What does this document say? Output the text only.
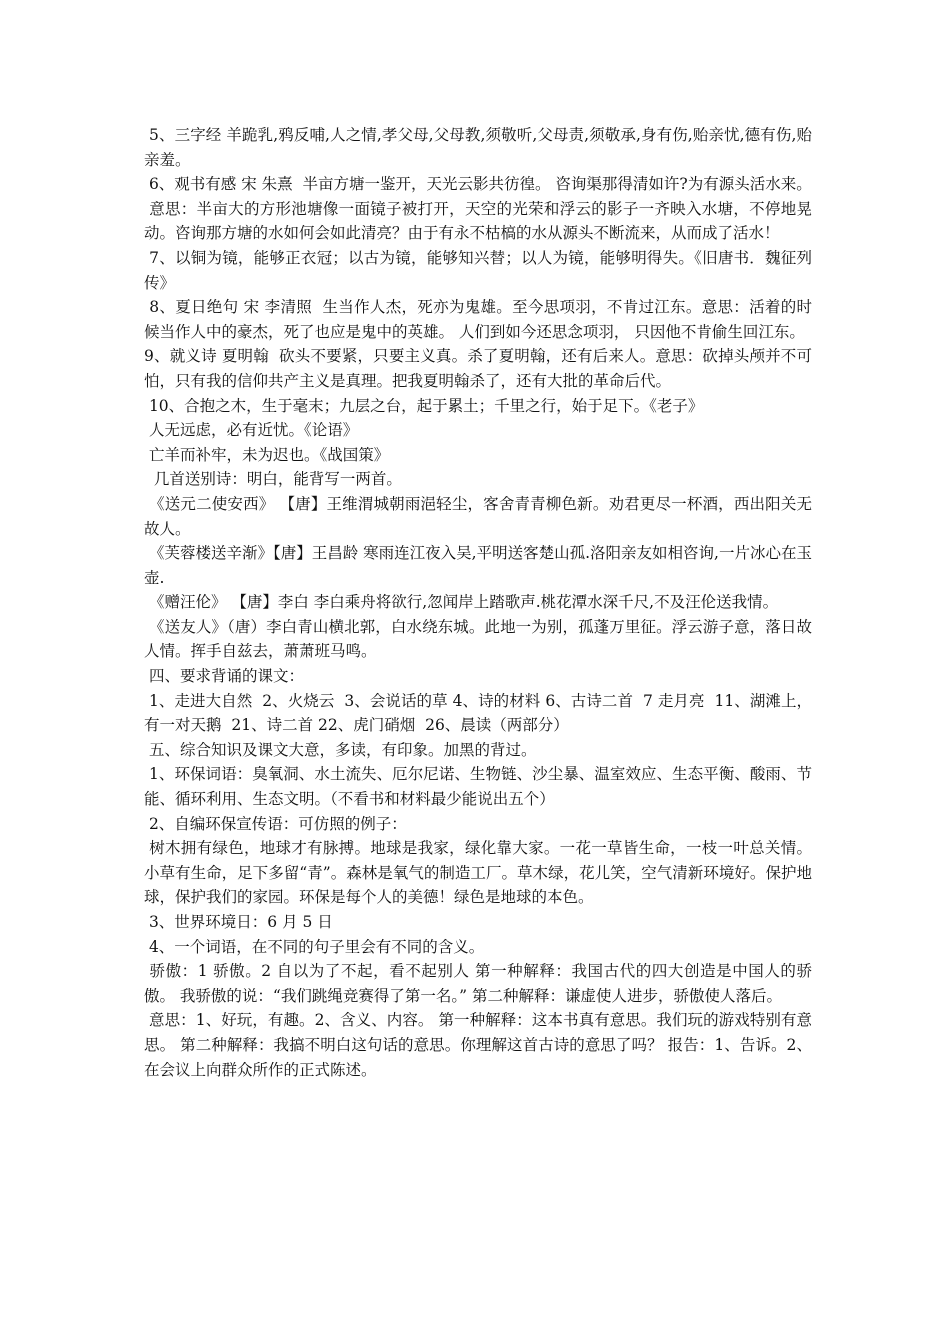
5、三字经 羊跪乳,鸦反哺,人之情,孝父母,父母教,须敬听,父母责,须敬承,身有伤,贻亲忧,德有伤,贻亲羞。

6、观书有感 宋 朱熹  半亩方塘一鉴开，天光云影共彷徨。 咨询渠那得清如许?为有源头活水来。

意思：半亩大的方形池塘像一面镜子被打开，天空的光荣和浮云的影子一齐映入水塘，不停地晃动。咨询那方塘的水如何会如此清亮？由于有永不枯槁的水从源头不断流来，从而成了活水！

7、以铜为镜，能够正衣冠；以古为镜，能够知兴替；以人为镜，能够明得失。《旧唐书．魏征列传》

8、夏日绝句 宋 李清照  生当作人杰，死亦为鬼雄。至今思项羽，不肯过江东。意思：活着的时候当作人中的豪杰，死了也应是鬼中的英雄。 人们到如今还思念项羽， 只因他不肯偷生回江东。

9、就义诗 夏明翰  砍头不要紧，只要主义真。杀了夏明翰，还有后来人。意思：砍掉头颅并不可怕，只有我的信仰共产主义是真理。把我夏明翰杀了，还有大批的革命后代。

10、合抱之木，生于毫末；九层之台，起于累土；千里之行，始于足下。《老子》

人无远虑，必有近忧。《论语》

亡羊而补牢，未为迟也。《战国策》

几首送别诗：明白，能背写一两首。

《送元二使安西》 【唐】王维渭城朝雨浥轻尘，客舍青青柳色新。劝君更尽一杯酒，西出阳关无故人。

《芙蓉楼送辛渐》【唐】王昌龄 寒雨连江夜入吴,平明送客楚山孤.洛阳亲友如相咨询,一片冰心在玉壶.

《赠汪伦》 【唐】李白 李白乘舟将欲行,忽闻岸上踏歌声.桃花潭水深千尺,不及汪伦送我情。

《送友人》（唐）李白青山横北郭，白水绕东城。此地一为别，孤蓬万里征。浮云游子意，落日故人情。挥手自兹去，萧萧班马鸣。

四、要求背诵的课文：

1、走进大自然  2、火烧云  3、会说话的草 4、诗的材料 6、古诗二首  7 走月亮  11、湖滩上，有一对天鹅  21、诗二首 22、虎门硝烟  26、晨读（两部分）

五、综合知识及课文大意，多读，有印象。加黑的背过。

1、环保词语：臭氧洞、水土流失、厄尔尼诺、生物链、沙尘暴、温室效应、生态平衡、酸雨、节能、循环利用、生态文明。（不看书和材料最少能说出五个）

2、自编环保宣传语：可仿照的例子：

树木拥有绿色，地球才有脉搏。地球是我家，绿化靠大家。一花一草皆生命，一枝一叶总关情。小草有生命，足下多留“青”。森林是氧气的制造工厂。草木绿，花儿笑，空气清新环境好。保护地球，保护我们的家园。环保是每个人的美德！绿色是地球的本色。

3、世界环境日：6 月 5 日

4、一个词语，在不同的句子里会有不同的含义。

骄傲：1 骄傲。2 自以为了不起，看不起别人 第一种解释：我国古代的四大创造是中国人的骄傲。 我骄傲的说：“我们跳绳竞赛得了第一名。” 第二种解释：谦虚使人进步，骄傲使人落后。

意思：1、好玩，有趣。2、含义、内容。 第一种解释：这本书真有意思。我们玩的游戏特别有意思。 第二种解释：我搞不明白这句话的意思。你理解这首古诗的意思了吗？ 报告：1、告诉。2、在会议上向群众所作的正式陈述。
